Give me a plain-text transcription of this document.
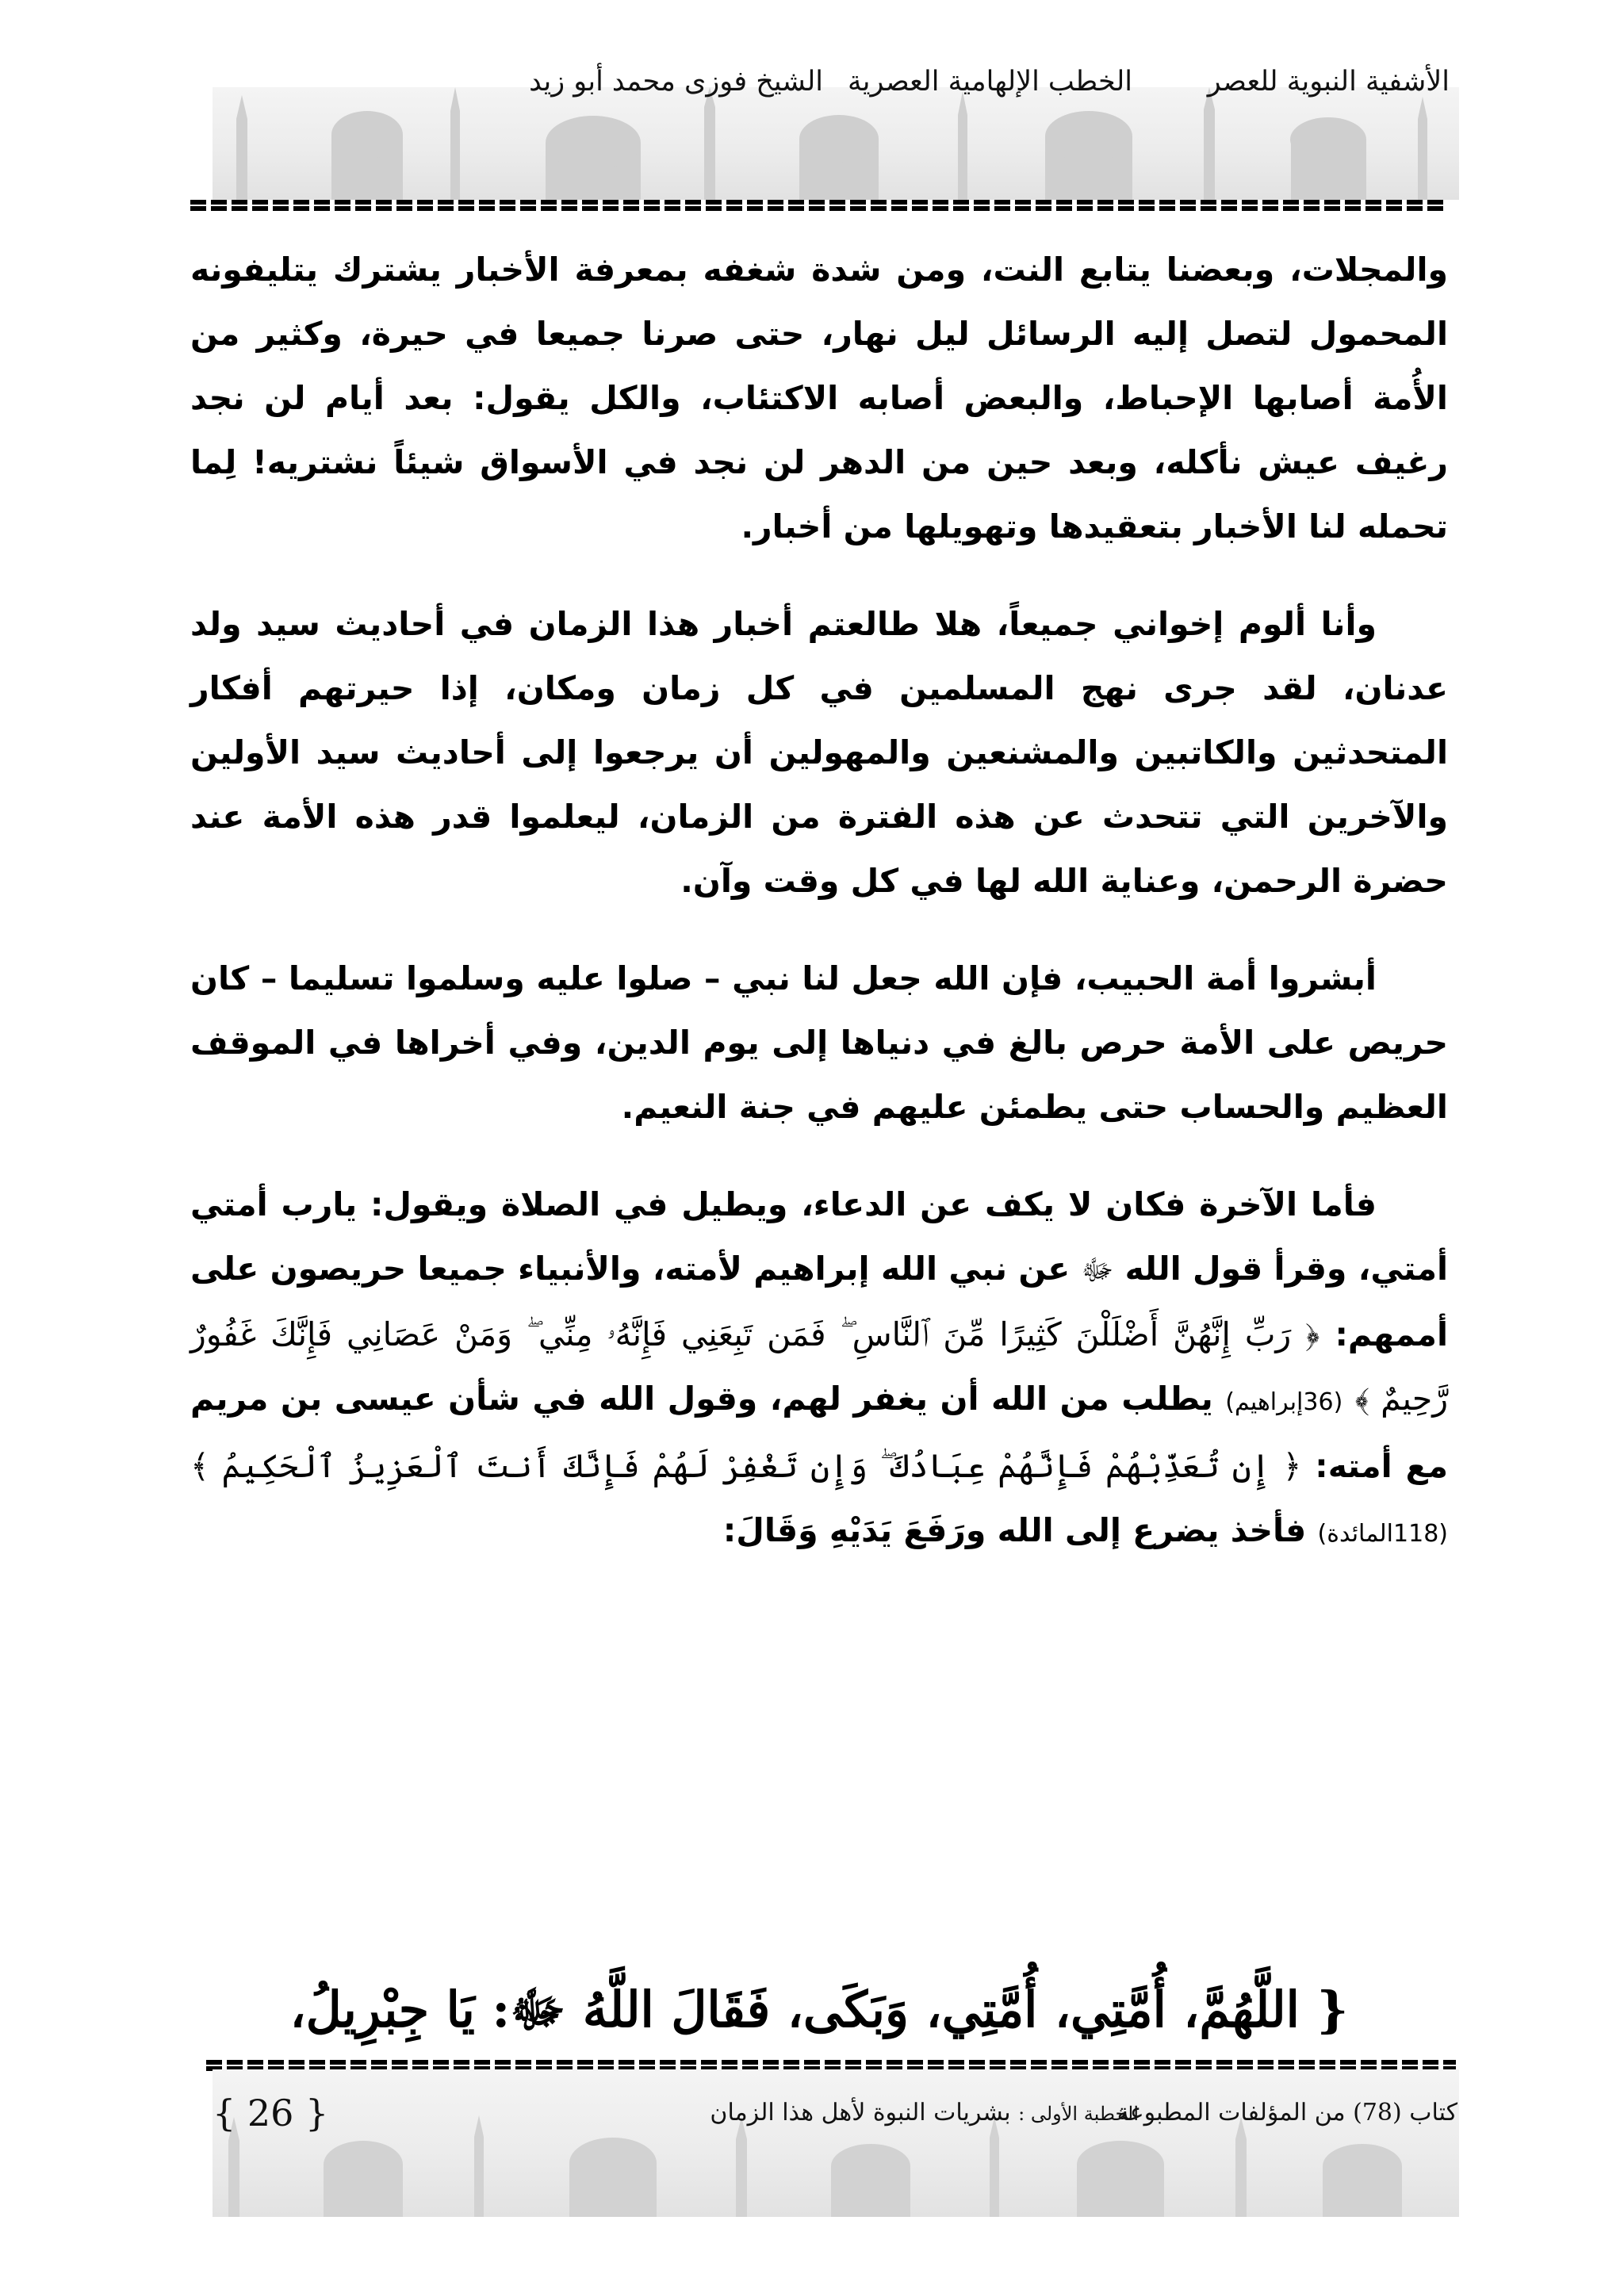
الأشفية النبوية للعصر
الخطب الإلهامية العصرية
الشيخ فوزى محمد أبو زيد

والمجلات، وبعضنا يتابع النت، ومن شدة شغفه بمعرفة الأخبار يشترك يتليفونه المحمول لتصل إليه الرسائل ليل نهار، حتى صرنا جميعا في حيرة، وكثير من الأُمة أصابها الإحباط، والبعض أصابه الاكتئاب، والكل يقول: بعد أيام لن نجد رغيف عيش نأكله، وبعد حين من الدهر لن نجد في الأسواق شيئاً نشتريه! لِما تحمله لنا الأخبار بتعقيدها وتهويلها من أخبار.

وأنا ألوم إخواني جميعاً، هلا طالعتم أخبار هذا الزمان في أحاديث سيد ولد عدنان، لقد جرى نهج المسلمين في كل زمان ومكان، إذا حيرتهم أفكار المتحدثين والكاتبين والمشنعين والمهولين أن يرجعوا إلى أحاديث سيد الأولين والآخرين التي تتحدث عن هذه الفترة من الزمان، ليعلموا قدر هذه الأمة عند حضرة الرحمن، وعناية الله لها في كل وقت وآن.

أبشروا أمة الحبيب، فإن الله جعل لنا نبي – صلوا عليه وسلموا تسليما – كان حريص على الأمة حرص بالغ في دنياها إلى يوم الدين، وفي أخراها في الموقف العظيم والحساب حتى يطمئن عليهم في جنة النعيم.

فأما الآخرة فكان لا يكف عن الدعاء، ويطيل في الصلاة ويقول: يارب أمتي أمتي، وقرأ قول الله ﷻ عن نبي الله إبراهيم لأمته، والأنبياء جميعا حريصون على أممهم: ﴿ رَبِّ إِنَّهُنَّ أَضْلَلْنَ كَثِيرًا مِّنَ ٱلنَّاسِ ۖ فَمَن تَبِعَنِي فَإِنَّهُۥ مِنِّي ۖ وَمَنْ عَصَانِي فَإِنَّكَ غَفُورٌ رَّحِيمٌ ﴾ (36إبراهيم) يطلب من الله أن يغفر لهم، وقول الله في شأن عيسى بن مريم مع أمته: ﴿ إِن تُعَذِّبْهُمْ فَإِنَّهُمْ عِبَادُكَ ۖ وَإِن تَغْفِرْ لَهُمْ فَإِنَّكَ أَنتَ ٱلْعَزِيزُ ٱلْحَكِيمُ ﴾ (118المائدة) فأخذ يضرع إلى الله ورَفَعَ يَدَيْهِ وَقَالَ:

{ اللَّهُمَّ، أُمَّتِي، أُمَّتِي، وَبَكَى، فَقَالَ اللَّهُ ﷻ: يَا جِبْرِيلُ،
كتاب (78) من المؤلفات المطبوعة
الخطبة الأولى : بشريات النبوة لأهل هذا الزمان
{ 26 }
